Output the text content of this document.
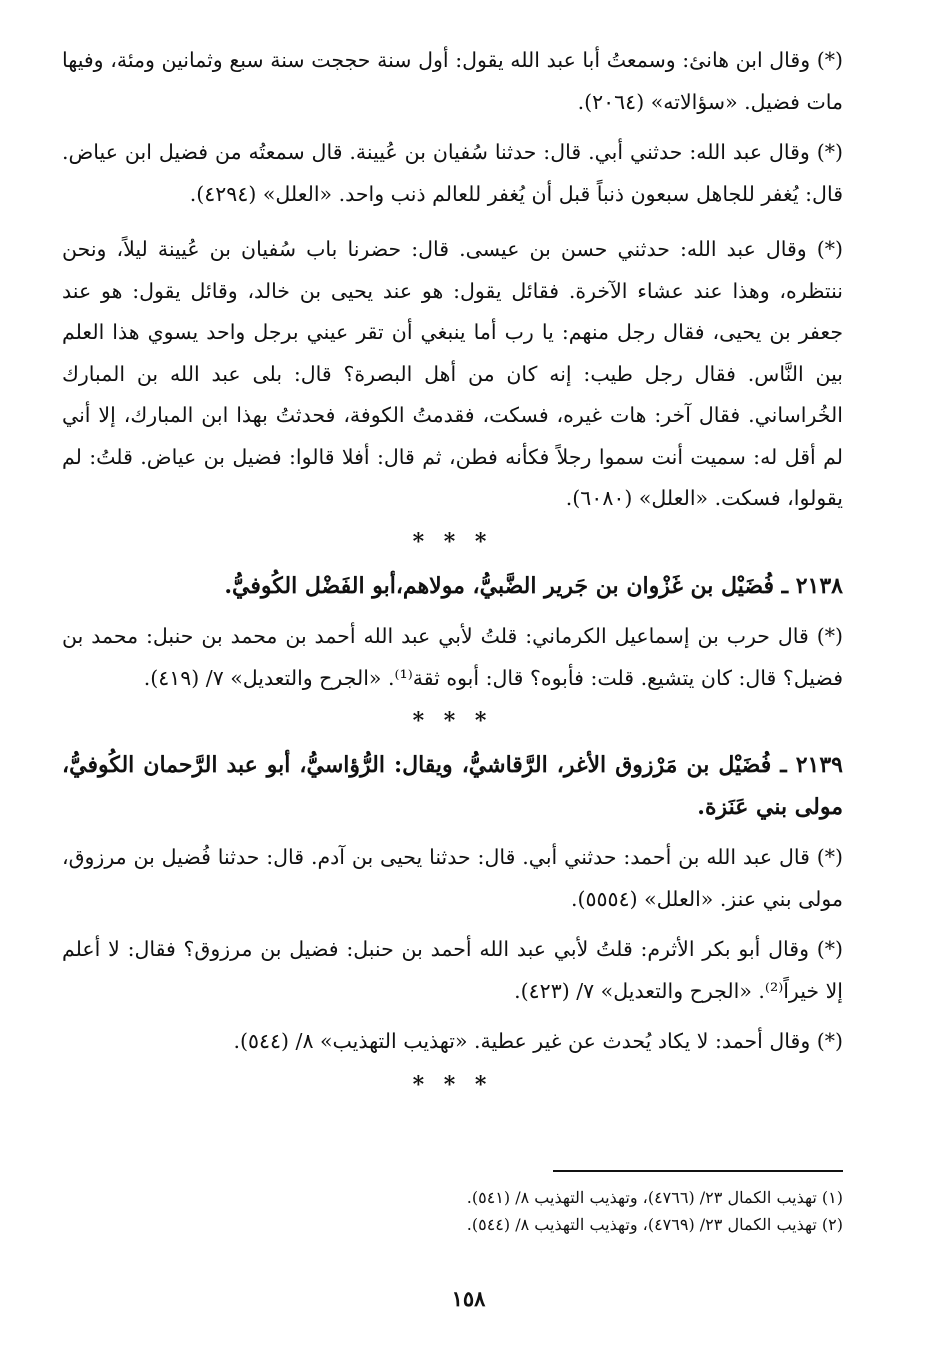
(*) وقال ابن هانئ: وسمعتُ أبا عبد الله يقول: أول سنة حججت سنة سبع وثمانين ومئة، وفيها مات فضيل. «سؤالاته» (٢٠٦٤).

(*) وقال عبد الله: حدثني أبي. قال: حدثنا سُفيان بن عُيينة. قال سمعتُه من فضيل ابن عياض. قال: يُغفر للجاهل سبعون ذنباً قبل أن يُغفر للعالم ذنب واحد. «العلل» (٤٢٩٤).

(*) وقال عبد الله: حدثني حسن بن عيسى. قال: حضرنا باب سُفيان بن عُيينة ليلاً، ونحن ننتظره، وهذا عند عشاء الآخرة. فقائل يقول: هو عند يحيى بن خالد، وقائل يقول: هو عند جعفر بن يحيى، فقال رجل منهم: يا رب أما ينبغي أن تقر عيني برجل واحد يسوي هذا العلم بين النَّاس. فقال رجل طيب: إنه كان من أهل البصرة؟ قال: بلى عبد الله بن المبارك الخُراساني. فقال آخر: هات غيره، فسكت، فقدمتُ الكوفة، فحدثتُ بهذا ابن المبارك، إلا أني لم أقل له: سميت أنت سموا رجلاً فكأنه فطن، ثم قال: أفلا قالوا: فضيل بن عياض. قلتُ: لم يقولوا، فسكت. «العلل» (٦٠٨٠).

* * *

٢١٣٨ ـ فُضَيْل بن غَزْوان بن جَرير الضَّبيُّ، مولاهم،أبو الفَضْل الكُوفيُّ.

(*) قال حرب بن إسماعيل الكرماني: قلتُ لأبي عبد الله أحمد بن محمد بن حنبل: محمد بن فضيل؟ قال: كان يتشيع. قلت: فأبوه؟ قال: أبوه ثقة⁽¹⁾. «الجرح والتعديل» ٧/ (٤١٩).

* * *

٢١٣٩ ـ فُضَيْل بن مَرْزوق الأغر، الرَّقاشيُّ، ويقال: الرُّؤاسيُّ، أبو عبد الرَّحمان الكُوفيُّ، مولى بني عَنَزة.

(*) قال عبد الله بن أحمد: حدثني أبي. قال: حدثنا يحيى بن آدم. قال: حدثنا فُضيل بن مرزوق، مولى بني عنز. «العلل» (٥٥٥٤).

(*) وقال أبو بكر الأثرم: قلتُ لأبي عبد الله أحمد بن حنبل: فضيل بن مرزوق؟ فقال: لا أعلم إلا خيراً⁽²⁾. «الجرح والتعديل» ٧/ (٤٢٣).

(*) وقال أحمد: لا يكاد يُحدث عن غير عطية. «تهذيب التهذيب» ٨/ (٥٤٤).

* * *
(١) تهذيب الكمال ٢٣/ (٤٧٦٦)، وتهذيب التهذيب ٨/ (٥٤١).
(٢) تهذيب الكمال ٢٣/ (٤٧٦٩)، وتهذيب التهذيب ٨/ (٥٤٤).
١٥٨
